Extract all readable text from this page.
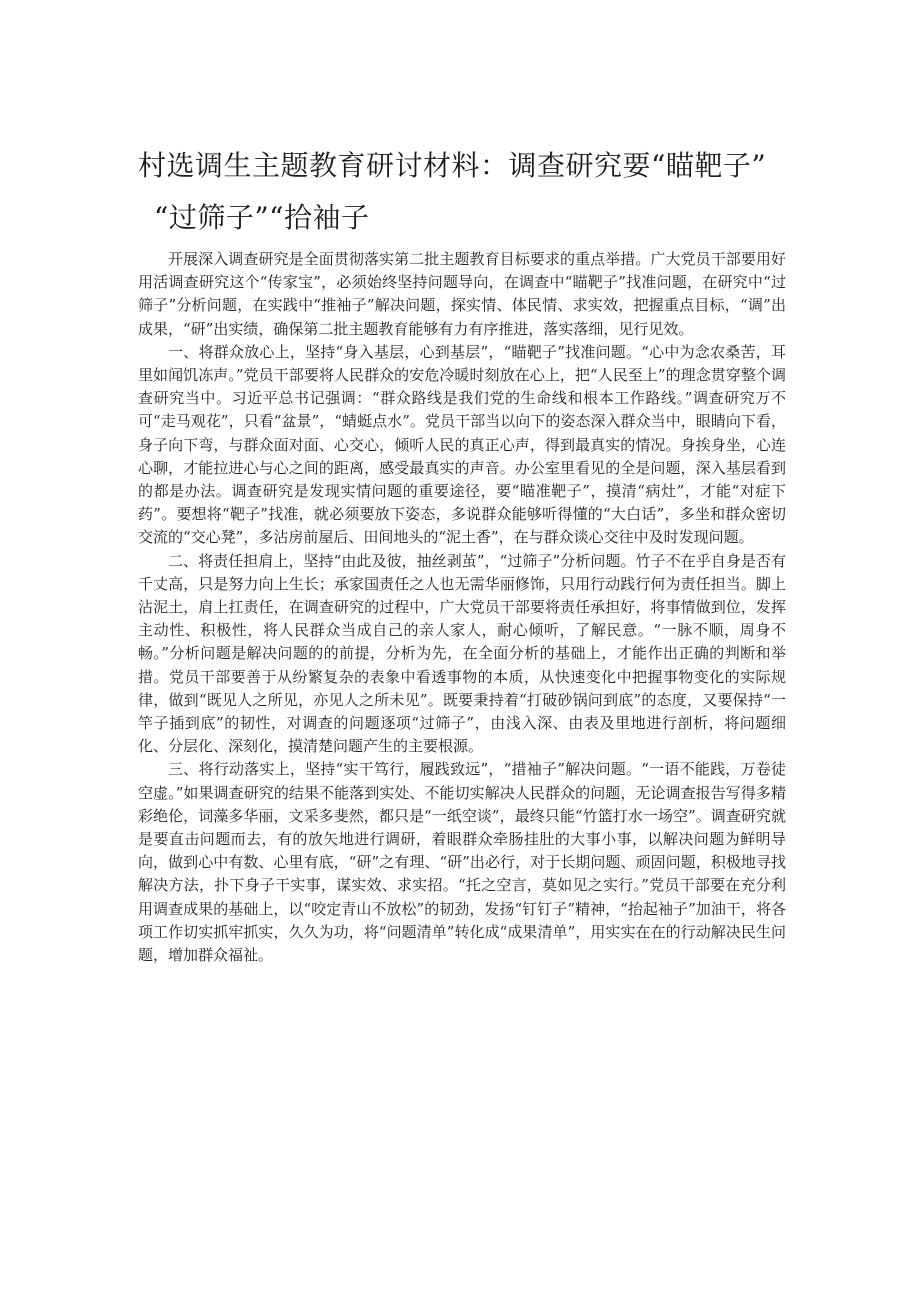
村选调生主题教育研讨材料：调查研究要“瞄靶子”
“过筛子”“拾袖子

开展深入调查研究是全面贯彻落实第二批主题教育目标要求的重点举措。广大党员干部要用好用活调查研究这个“传家宝”，必须始终坚持问题导向，在调查中“瞄靶子”找准问题，在研究中“过筛子”分析问题，在实践中“推袖子”解决问题，探实情、体民情、求实效，把握重点目标，“调”出成果，“研”出实绩，确保第二批主题教育能够有力有序推进，落实落细，见行见效。

一、将群众放心上，坚持“身入基层，心到基层”，“瞄靶子”找准问题。“心中为念农桑苦，耳里如闻饥冻声。”党员干部要将人民群众的安危冷暖时刻放在心上，把“人民至上”的理念贯穿整个调查研究当中。习近平总书记强调：“群众路线是我们党的生命线和根本工作路线。”调查研究万不可“走马观花”，只看“盆景”，“蜻蜓点水”。党员干部当以向下的姿态深入群众当中，眼睛向下看，身子向下弯，与群众面对面、心交心，倾听人民的真正心声，得到最真实的情况。身挨身坐，心连心聊，才能拉进心与心之间的距离，感受最真实的声音。办公室里看见的全是问题，深入基层看到的都是办法。调查研究是发现实情问题的重要途径，要“瞄准靶子”，摸清“病灶”，才能“对症下药”。要想将“靶子”找准，就必须要放下姿态，多说群众能够听得懂的“大白话”，多坐和群众密切交流的“交心凳”，多沾房前屋后、田间地头的“泥土香”，在与群众谈心交往中及时发现问题。

二、将责任担肩上，坚持“由此及彼，抽丝剥茧”，“过筛子”分析问题。竹子不在乎自身是否有千丈高，只是努力向上生长；承家国责任之人也无需华丽修饰，只用行动践行何为责任担当。脚上沾泥土，肩上扛责任，在调查研究的过程中，广大党员干部要将责任承担好，将事情做到位，发挥主动性、积极性，将人民群众当成自己的亲人家人，耐心倾听，了解民意。“一脉不顺，周身不畅。”分析问题是解决问题的的前提，分析为先，在全面分析的基础上，才能作出正确的判断和举措。党员干部要善于从纷繁复杂的表象中看透事物的本质，从快速变化中把握事物变化的实际规律，做到“既见人之所见，亦见人之所未见”。既要秉持着“打破砂锅问到底”的态度，又要保持“一竿子插到底”的韧性，对调查的问题逐项“过筛子”，由浅入深、由表及里地进行剖析，将问题细化、分层化、深刻化，摸清楚问题产生的主要根源。

三、将行动落实上，坚持“实干笃行，履践致远”，“措袖子”解决问题。“一语不能践，万卷徒空虚。”如果调查研究的结果不能落到实处、不能切实解决人民群众的问题，无论调查报告写得多精彩绝伦，词藻多华丽，文采多斐然，都只是“一纸空谈”，最终只能“竹篮打水一场空”。调查研究就是要直击问题而去，有的放矢地进行调研，着眼群众牵肠挂肚的大事小事，以解决问题为鲜明导向，做到心中有数、心里有底，“研”之有理、“研”出必行，对于长期问题、顽固问题，积极地寻找解决方法，扑下身子干实事，谋实效、求实招。“托之空言，莫如见之实行。”党员干部要在充分利用调查成果的基础上，以“咬定青山不放松”的韧劲，发扬“钉钉子”精神，“抬起袖子”加油干，将各项工作切实抓牢抓实，久久为功，将“问题清单”转化成“成果清单”，用实实在在的行动解决民生问题，增加群众福祉。
